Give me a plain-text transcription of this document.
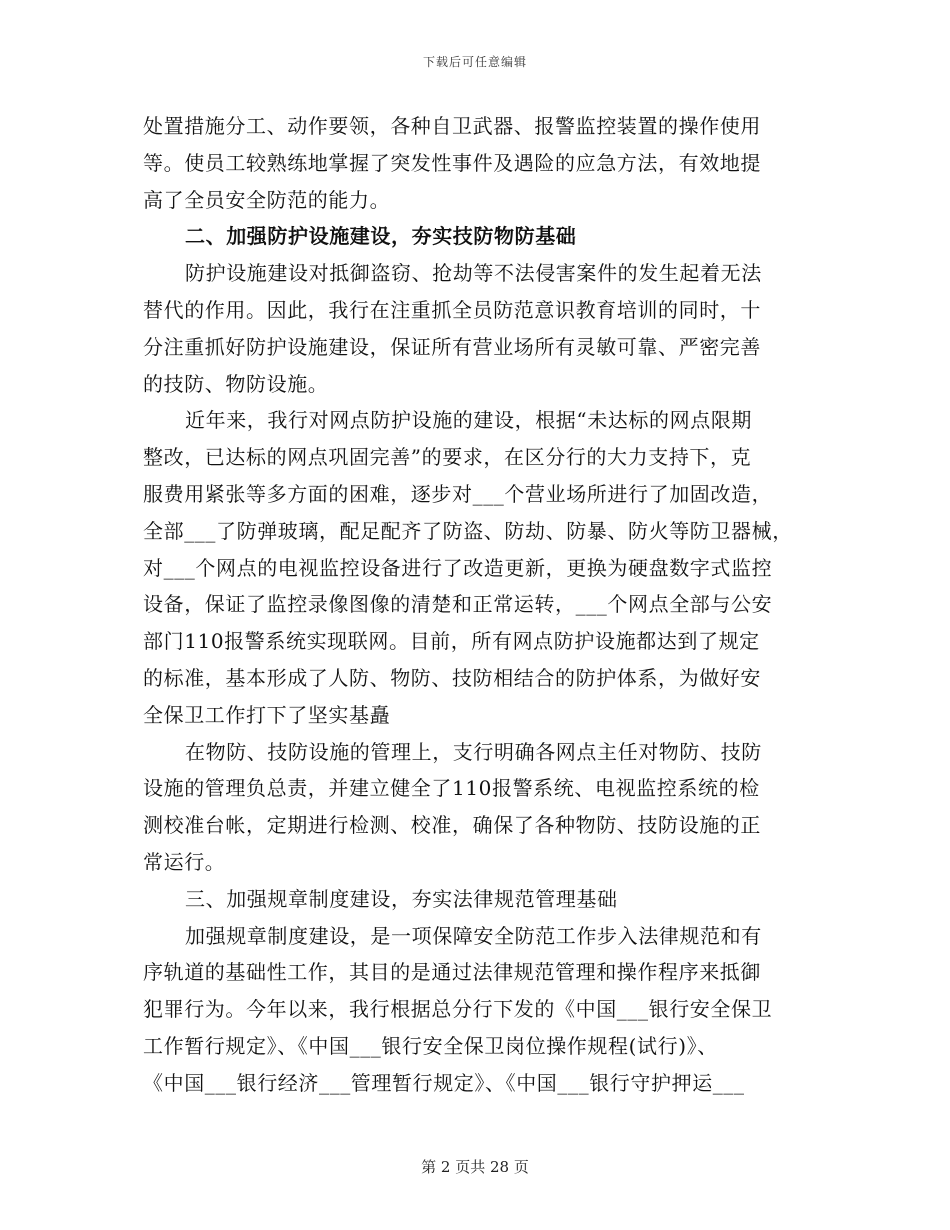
下载后可任意编辑
处置措施分工、动作要领，各种自卫武器、报警监控装置的操作使用
等。使员工较熟练地掌握了突发性事件及遇险的应急方法，有效地提
高了全员安全防范的能力。
二、加强防护设施建设，夯实技防物防基础
防护设施建设对抵御盗窃、抢劫等不法侵害案件的发生起着无法
替代的作用。因此，我行在注重抓全员防范意识教育培训的同时，十
分注重抓好防护设施建设，保证所有营业场所有灵敏可靠、严密完善
的技防、物防设施。
近年来，我行对网点防护设施的建设，根据“未达标的网点限期
整改，已达标的网点巩固完善”的要求，在区分行的大力支持下，克
服费用紧张等多方面的困难，逐步对___个营业场所进行了加固改造，
全部___了防弹玻璃，配足配齐了防盗、防劫、防暴、防火等防卫器械，
对___个网点的电视监控设备进行了改造更新，更换为硬盘数字式监控
设备，保证了监控录像图像的清楚和正常运转，___个网点全部与公安
部门110报警系统实现联网。目前，所有网点防护设施都达到了规定
的标准，基本形成了人防、物防、技防相结合的防护体系，为做好安
全保卫工作打下了坚实基矗
在物防、技防设施的管理上，支行明确各网点主任对物防、技防
设施的管理负总责，并建立健全了110报警系统、电视监控系统的检
测校准台帐，定期进行检测、校准，确保了各种物防、技防设施的正
常运行。
三、加强规章制度建设，夯实法律规范管理基础
加强规章制度建设，是一项保障安全防范工作步入法律规范和有
序轨道的基础性工作，其目的是通过法律规范管理和操作程序来抵御
犯罪行为。今年以来，我行根据总分行下发的《中国___银行安全保卫
工作暂行规定》、《中国___银行安全保卫岗位操作规程(试行)》、
《中国___银行经济___管理暂行规定》、《中国___银行守护押运___
第 2 页共 28 页
